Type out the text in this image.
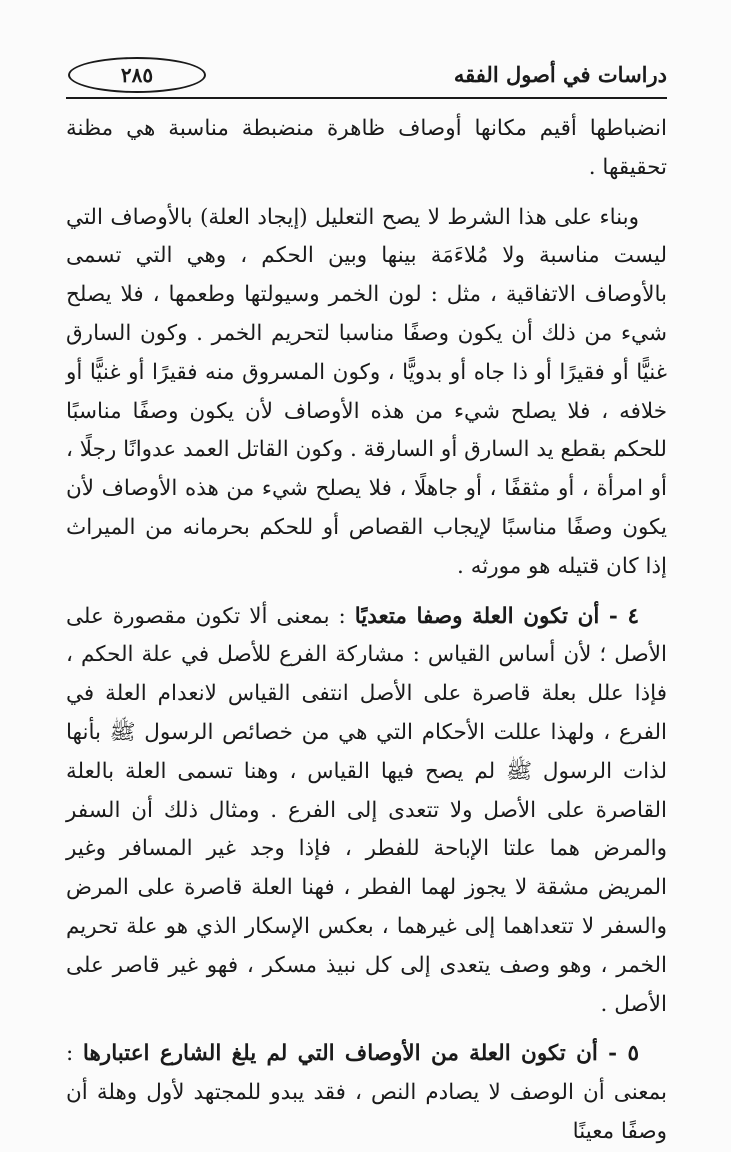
دراسات في أصول الفقه
٢٨٥

انضباطها أقيم مكانها أوصاف ظاهرة منضبطة مناسبة هي مظنة تحقيقها .

وبناء على هذا الشرط لا يصح التعليل (إيجاد العلة) بالأوصاف التي ليست مناسبة ولا مُلاءَمَة بينها وبين الحكم ، وهي التي تسمى بالأوصاف الاتفاقية ، مثل : لون الخمر وسيولتها وطعمها ، فلا يصلح شيء من ذلك أن يكون وصفًا مناسبا لتحريم الخمر . وكون السارق غنيًّا أو فقيرًا أو ذا جاه أو بدويًّا ، وكون المسروق منه فقيرًا أو غنيًّا أو خلافه ، فلا يصلح شيء من هذه الأوصاف لأن يكون وصفًا مناسبًا للحكم بقطع يد السارق أو السارقة . وكون القاتل العمد عدوانًا رجلًا ، أو امرأة ، أو مثقفًا ، أو جاهلًا ، فلا يصلح شيء من هذه الأوصاف لأن يكون وصفًا مناسبًا لإيجاب القصاص أو للحكم بحرمانه من الميراث إذا كان قتيله هو مورثه .

٤ - أن تكون العلة وصفا متعديًا : بمعنى ألا تكون مقصورة على الأصل ؛ لأن أساس القياس : مشاركة الفرع للأصل في علة الحكم ، فإذا علل بعلة قاصرة على الأصل انتفى القياس لانعدام العلة في الفرع ، ولهذا عللت الأحكام التي هي من خصائص الرسول ﷺ بأنها لذات الرسول ﷺ لم يصح فيها القياس ، وهنا تسمى العلة بالعلة القاصرة على الأصل ولا تتعدى إلى الفرع . ومثال ذلك أن السفر والمرض هما علتا الإباحة للفطر ، فإذا وجد غير المسافر وغير المريض مشقة لا يجوز لهما الفطر ، فهنا العلة قاصرة على المرض والسفر لا تتعداهما إلى غيرهما ، بعكس الإسكار الذي هو علة تحريم الخمر ، وهو وصف يتعدى إلى كل نبيذ مسكر ، فهو غير قاصر على الأصل .

٥ - أن تكون العلة من الأوصاف التي لم يلغ الشارع اعتبارها : بمعنى أن الوصف لا يصادم النص ، فقد يبدو للمجتهد لأول وهلة أن وصفًا معينًا
